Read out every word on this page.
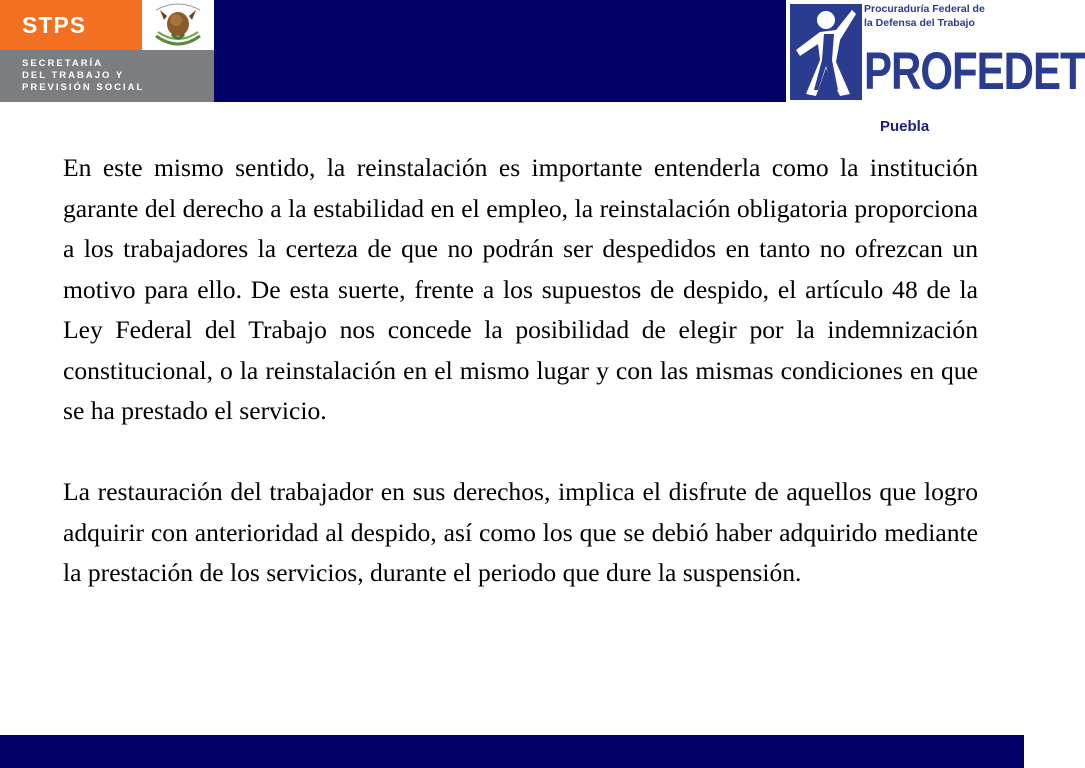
STPS
SECRETARÍA
DEL TRABAJO Y
PREVISIÓN SOCIAL
Procuraduría Federal de
la Defensa del Trabajo
PROFEDET
Puebla

En este mismo sentido, la reinstalación es importante entenderla como la institución garante del derecho a la estabilidad en el empleo, la reinstalación obligatoria proporciona a los trabajadores la certeza de que no podrán ser despedidos en tanto no ofrezcan un motivo para ello. De esta suerte, frente a los supuestos de despido, el artículo 48 de la Ley Federal del Trabajo nos concede la posibilidad de elegir por la indemnización constitucional, o la reinstalación en el mismo lugar y con las mismas condiciones en que se ha prestado el servicio.

La restauración del trabajador en sus derechos, implica el disfrute de aquellos que logro adquirir con anterioridad al despido, así como los que se debió haber adquirido mediante la prestación de los servicios, durante el periodo que dure la suspensión.
